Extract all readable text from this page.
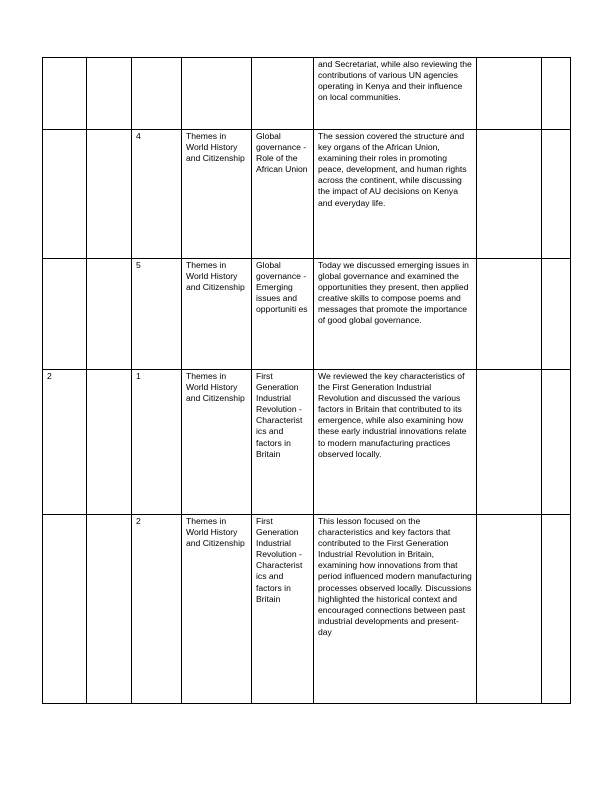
					and Secretariat, while also reviewing the contributions of various UN agencies operating in Kenya and their influence on local communities.		
		4	Themes in World History and Citizenship	Global governance - Role of the African Union	The session covered the structure and key organs of the African Union, examining their roles in promoting peace, development, and human rights across the continent, while discussing the impact of AU decisions on Kenya and everyday life.		
		5	Themes in World History and Citizenship	Global governance - Emerging issues and opportuniti es	Today we discussed emerging issues in global governance and examined the opportunities they present, then applied creative skills to compose poems and messages that promote the importance of good global governance.		
2		1	Themes in World History and Citizenship	First Generation Industrial Revolution - Characterist ics and factors in Britain	We reviewed the key characteristics of the First Generation Industrial Revolution and discussed the various factors in Britain that contributed to its emergence, while also examining how these early industrial innovations relate to modern manufacturing practices observed locally.		
		2	Themes in World History and Citizenship	First Generation Industrial Revolution - Characterist ics and factors in Britain	This lesson focused on the characteristics and key factors that contributed to the First Generation Industrial Revolution in Britain, examining how innovations from that period influenced modern manufacturing processes observed locally. Discussions highlighted the historical context and encouraged connections between past industrial developments and present-day		
